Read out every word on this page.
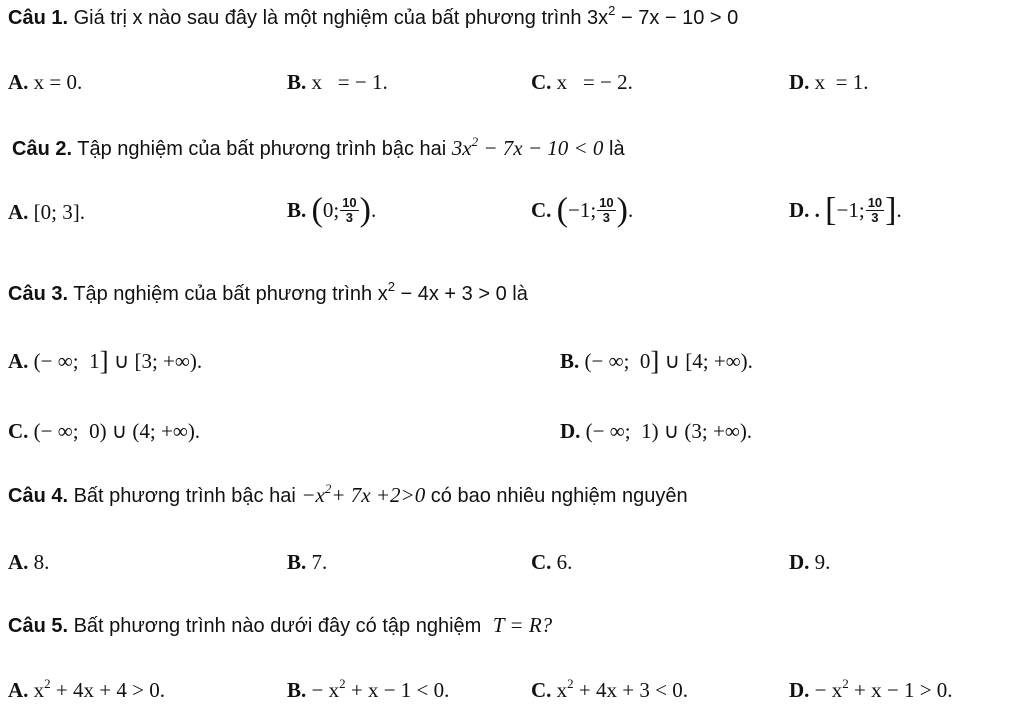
Câu 1. Giá trị x nào sau đây là một nghiệm của bất phương trình $3x^2 - 7x - 10 > 0$
A. x = 0.	B. x   = − 1.	C. x   = − 2.	D. x  = 1.
Câu 2. Tập nghiệm của bất phương trình bậc hai $3x^2 - 7x - 10 < 0$ là
A. [0; 3].	B. (0; $\frac{10}{3}$ ).	C. (−1; $\frac{10}{3}$ ).	D. . [−1; $\frac{10}{3}$ ].
Câu 3. Tập nghiệm của bất phương trình $x^2 - 4x + 3 > 0$ là
A. (− ∞;  1] ∪ [3; +∞).	B. (− ∞;  0] ∪ [4; +∞).
C. (− ∞;  0) ∪ (4; +∞).	D. (− ∞;  1) ∪ (3; +∞).
Câu 4. Bất phương trình bậc hai $-x^2+ 7x +2>0$ có bao nhiêu nghiệm nguyên
A. 8.	B. 7.	C. 6.	D. 9.
Câu 5. Bất phương trình nào dưới đây có tập nghiệm T = R?
A. $x^2 + 4x + 4 > 0$.	B. − $x^2 + x - 1 < 0$.	C. $x^2 + 4x + 3 < 0$.	D. − $x^2 + x - 1 > 0$.
